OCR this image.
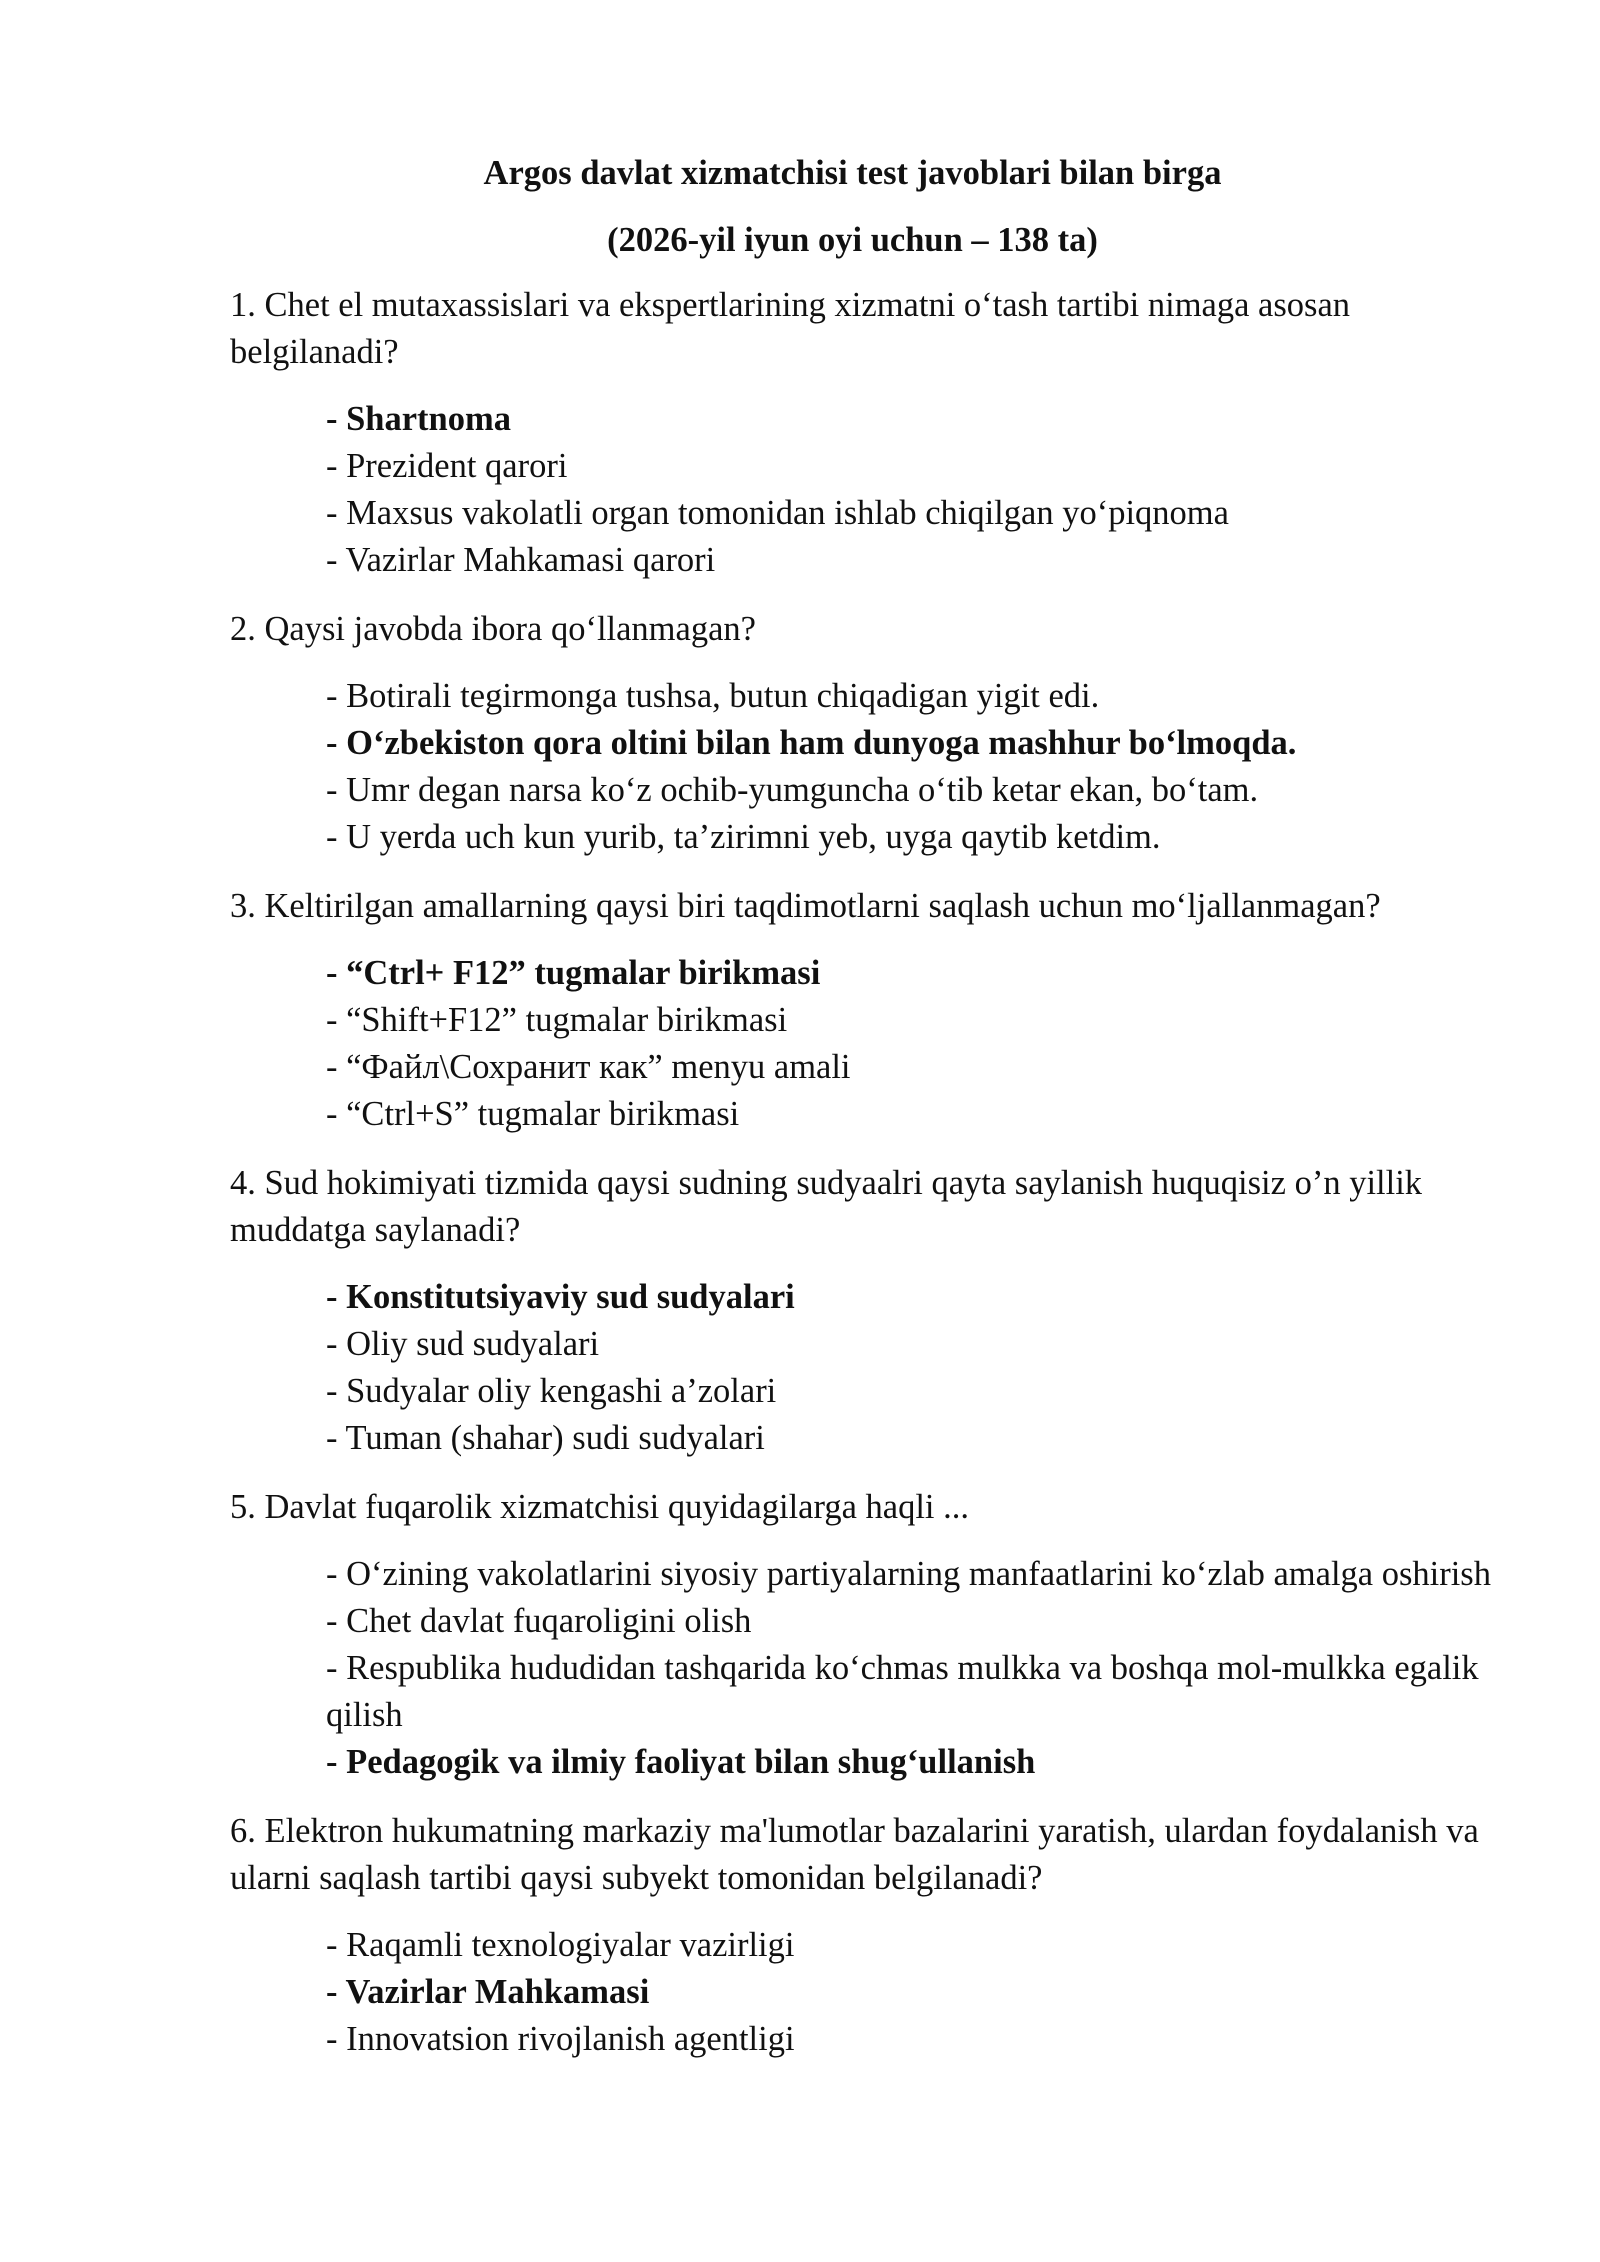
Argos davlat xizmatchisi test javoblari bilan birga
(2026-yil iyun oyi uchun – 138 ta)
1. Chet el mutaxassislari va ekspertlarining xizmatni o‘tash tartibi nimaga asosan belgilanadi?
- Shartnoma
- Prezident qarori
- Maxsus vakolatli organ tomonidan ishlab chiqilgan yo‘piqnoma
- Vazirlar Mahkamasi qarori
2. Qaysi javobda ibora qo‘llanmagan?
- Botirali tegirmonga tushsa, butun chiqadigan yigit edi.
- O‘zbekiston qora oltini bilan ham dunyoga mashhur bo‘lmoqda.
- Umr degan narsa ko‘z ochib-yumguncha o‘tib ketar ekan, bo‘tam.
- U yerda uch kun yurib, ta’zirimni yeb, uyga qaytib ketdim.
3. Keltirilgan amallarning qaysi biri taqdimotlarni saqlash uchun mo‘ljallanmagan?
- “Ctrl+ F12” tugmalar birikmasi
- “Shift+F12” tugmalar birikmasi
- “Файл\Сохранит как” menyu amali
- “Ctrl+S” tugmalar birikmasi
4. Sud hokimiyati tizmida qaysi sudning sudyaalri qayta saylanish huquqisiz o’n yillik muddatga saylanadi?
- Konstitutsiyaviy sud sudyalari
- Oliy sud sudyalari
- Sudyalar oliy kengashi a’zolari
- Tuman (shahar) sudi sudyalari
5. Davlat fuqarolik xizmatchisi quyidagilarga haqli ...
- O‘zining vakolatlarini siyosiy partiyalarning manfaatlarini ko‘zlab amalga oshirish
- Chet davlat fuqaroligini olish
- Respublika hududidan tashqarida ko‘chmas mulkka va boshqa mol-mulkka egalik qilish
- Pedagogik va ilmiy faoliyat bilan shug‘ullanish
6. Elektron hukumatning markaziy ma'lumotlar bazalarini yaratish, ulardan foydalanish va ularni saqlash tartibi qaysi subyekt tomonidan belgilanadi?
- Raqamli texnologiyalar vazirligi
- Vazirlar Mahkamasi
- Innovatsion rivojlanish agentligi
